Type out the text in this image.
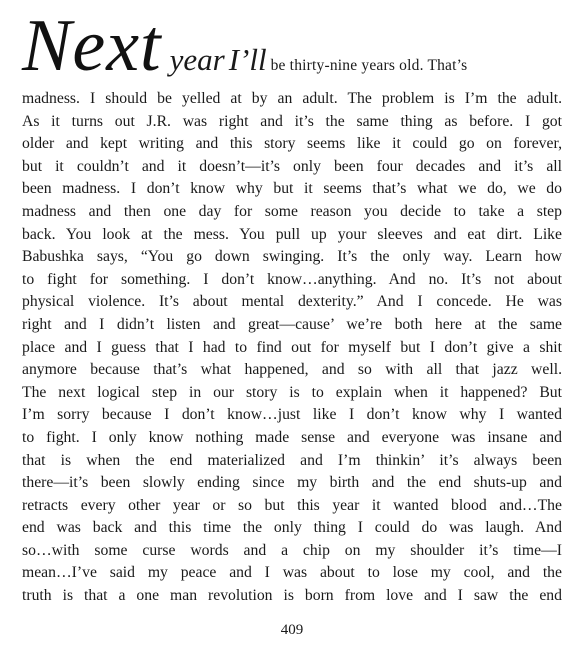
Next year I’ll be thirty-nine years old. That’s
madness. I should be yelled at by an adult. The problem is I’m the adult.
As it turns out J.R. was right and it’s the same thing as before. I got
older and kept writing and this story seems like it could go on forever,
but it couldn’t and it doesn’t—it’s only been four decades and it’s all
been madness. I don’t know why but it seems that’s what we do, we do
madness and then one day for some reason you decide to take a step
back. You look at the mess. You pull up your sleeves and eat dirt. Like
Babushka says, “You go down swinging. It’s the only way. Learn how
to fight for something. I don’t know…anything. And no. It’s not about
physical violence. It’s about mental dexterity.” And I concede. He was
right and I didn’t listen and great—cause’ we’re both here at the same
place and I guess that I had to find out for myself but I don’t give a shit
anymore because that’s what happened, and so with all that jazz well.
The next logical step in our story is to explain when it happened? But
I’m sorry because I don’t know…just like I don’t know why I wanted
to fight. I only know nothing made sense and everyone was insane and
that is when the end materialized and I’m thinkin’ it’s always been
there—it’s been slowly ending since my birth and the end shuts-up and
retracts every other year or so but this year it wanted blood and…The
end was back and this time the only thing I could do was laugh. And
so…with some curse words and a chip on my shoulder it’s time—I
mean…I’ve said my peace and I was about to lose my cool, and the
truth is that a one man revolution is born from love and I saw the end
409
